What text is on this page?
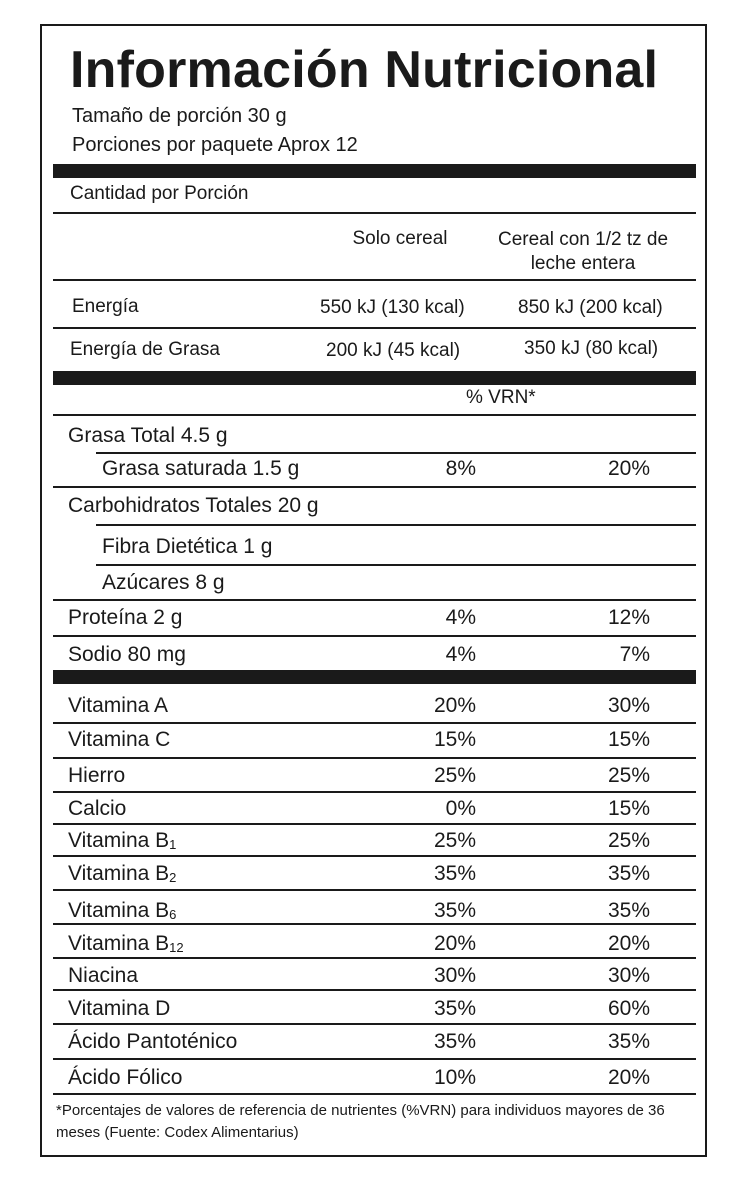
Información Nutricional
Tamaño de porción 30 g
Porciones por paquete Aprox 12
Cantidad por Porción
Solo cereal	Cereal con 1/2 tz de leche entera
Energía	550 kJ (130 kcal)	850 kJ (200 kcal)
Energía de Grasa	200 kJ (45 kcal)	350 kJ (80 kcal)
% VRN*
Grasa Total 4.5 g
Grasa saturada 1.5 g	8%	20%
Carbohidratos Totales 20 g
Fibra Dietética 1 g
Azúcares 8 g
Proteína 2 g	4%	12%
Sodio 80 mg	4%	7%
Vitamina A	20%	30%
Vitamina C	15%	15%
Hierro	25%	25%
Calcio	0%	15%
Vitamina $B_1$	25%	25%
Vitamina $B_2$	35%	35%
Vitamina $B_6$	35%	35%
Vitamina $B_{12}$	20%	20%
Niacina	30%	30%
Vitamina D	35%	60%
Ácido Pantoténico	35%	35%
Ácido Fólico	10%	20%
*Porcentajes de valores de referencia de nutrientes (%VRN) para individuos mayores de 36 meses (Fuente: Codex Alimentarius)
